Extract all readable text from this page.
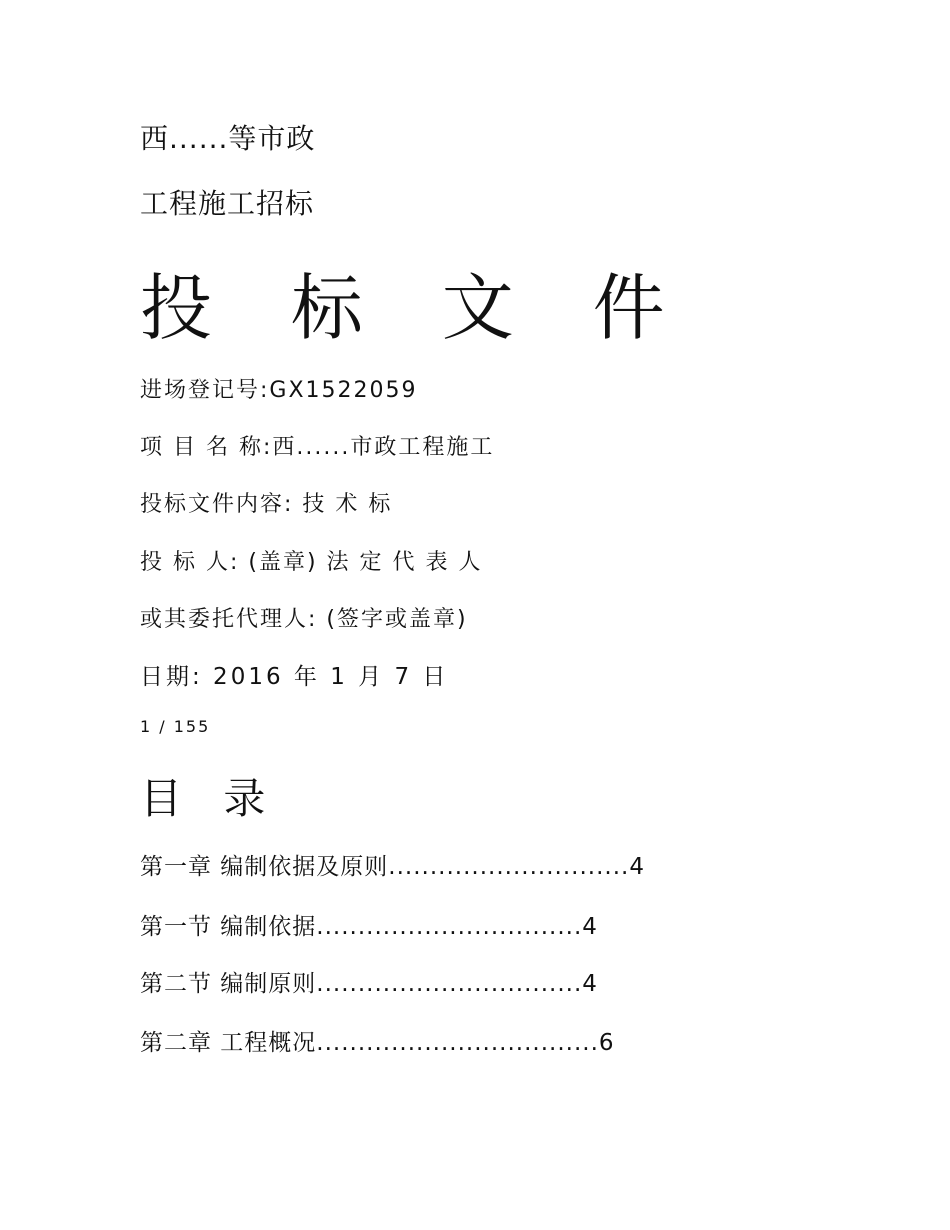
西......等市政
工程施工招标
投 标 文 件
进场登记号:GX1522059
项 目 名 称:西......市政工程施工
投标文件内容: 技 术 标
投 标 人: (盖章) 法 定 代 表 人
或其委托代理人: (签字或盖章)
日期: 2016 年 1 月 7 日
1 / 155
目 录
第一章 编制依据及原则.............................4
第一节 编制依据................................4
第二节 编制原则................................4
第二章 工程概况..................................6
